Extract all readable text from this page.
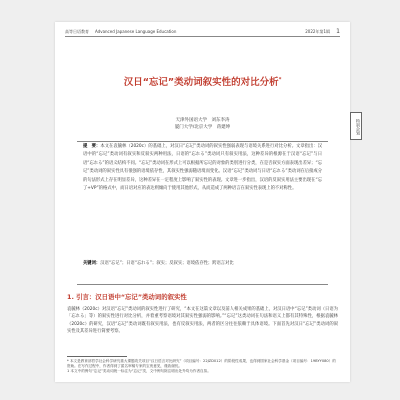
高等日语教育 Advanced Japanese Language Education	2022年第1辑 1
特别企划
汉日“忘记”类动词叙实性的对比分析*
天津外国语大学　刘东李涛
厦门大学/北京大学　蒋建坤
提　要：本文在袁毓林（2020c）的基础上，对汉日“忘记”类动词的叙实性强弱表现与语境关系进行对比分析。文章指出：汉语中的“忘记”类动词有叙实和反叙实两种用法，日语的“忘れる”类动词只有叙实用法，这种差异的根源在于汉语“忘记”与日语“忘れる”的语义结构不同。“忘记”类动词在形式上可以根据所忘记的对象的类别进行分类，在是否叙实方面表现出差异；“忘记”类动词的叙实性具有很强的语境依存性，其叙实性强弱随语境而变化。汉语“忘记”类动词与日语“忘れる”类动词在后接成分的句法形式上存在明显差异，这种差异在一定程度上影响了叙实性的表现。文章进一步指出，汉语的反叙实用法主要出现在“忘了+VP”的格式中，而日语对应的表达则倾向于使用其他形式，从而造成了两种语言在叙实性表现上的不对称性。
关键词：汉语“忘记”；日语“忘れる”；叙实；反叙实；语境依存性；跨语言对比
1. 引言：汉日语中“忘记”类动词的叙实性
袁毓林（2020c）对汉语“忘记”类动词的叙实性进行了研究，“本文在这篇文章以及前人相关成果的基础上，对汉日语中“忘记”类动词（日语为「忘れる」等）的叙实性进行对比分析，并着重考察语境对其叙实性强弱的影响。”“忘记”这类动词在句法和语义上都有其特殊性，根据袁毓林（2020c）的研究，汉语“忘记”类动词既有叙实用法，也有反叙实用法，两者的区分往往依赖于具体语境。下面首先对汉日“忘记”类动词的叙实性及其差异进行简要考察。
* 本文是教育部哲学社会科学研究重大课题攻关项目“汉日语言对比研究”（项目编号：22JZD012）的阶段性成果，也得到国家社会科学基金（项目编号：19BYY080）的资助。在写作过程中，作者得到了匿名审稿专家的宝贵意见，谨致谢忱。
1 本文中的例句“忘记”类动词统一标注为“忘记”类，文中例句除注明出处外均为作者自拟。
